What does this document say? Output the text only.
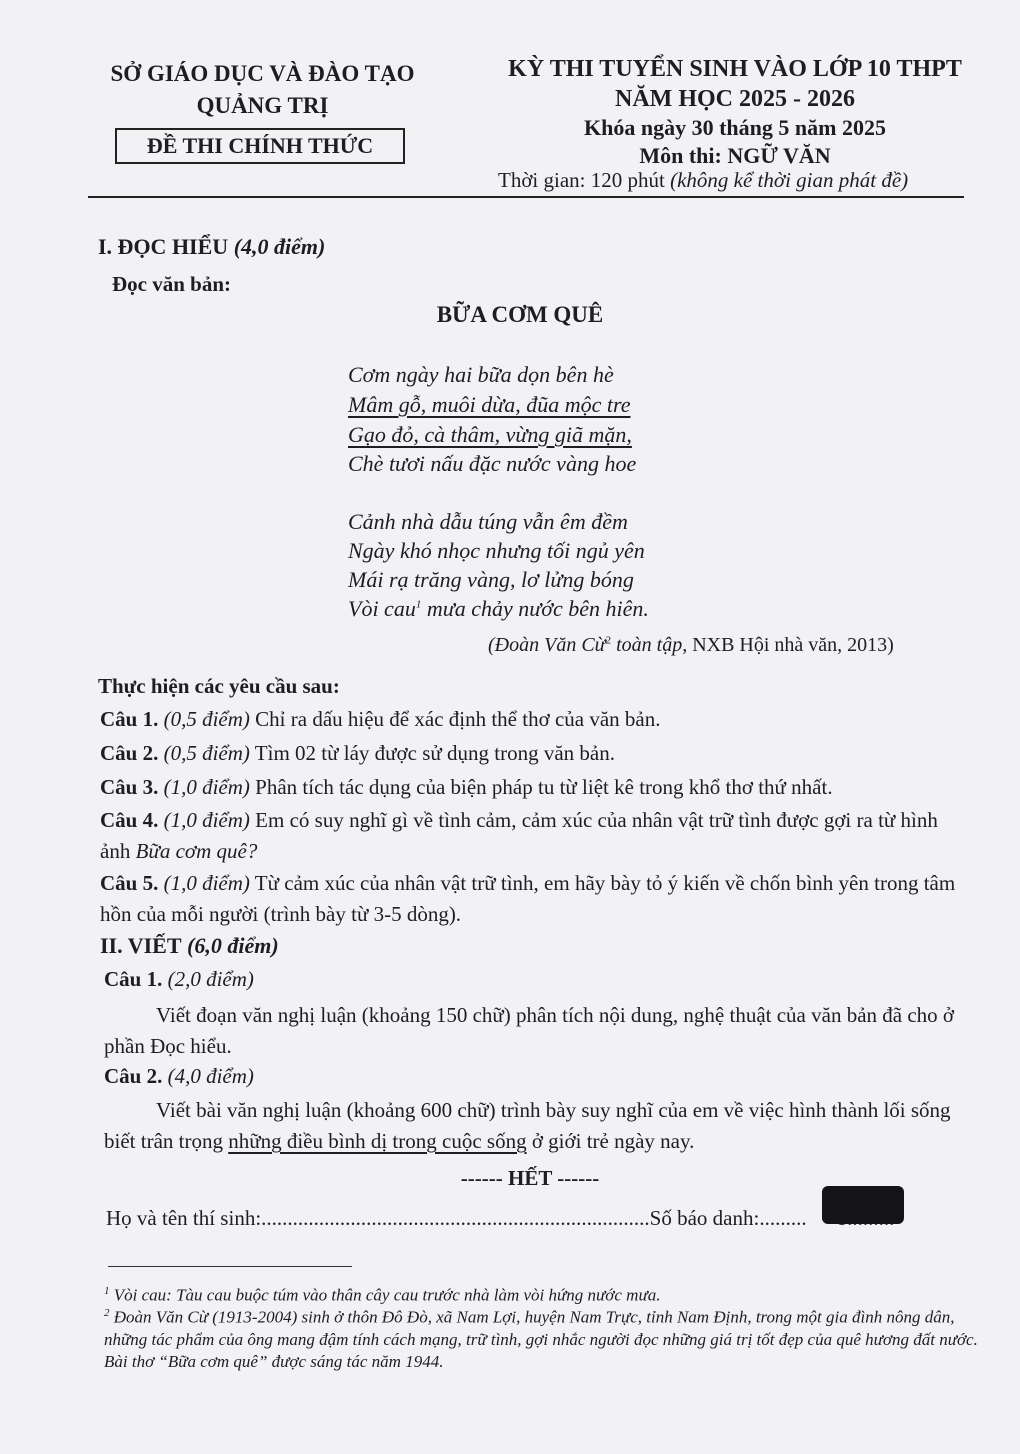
SỞ GIÁO DỤC VÀ ĐÀO TẠO
QUẢNG TRỊ
ĐỀ THI CHÍNH THỨC
KỲ THI TUYỂN SINH VÀO LỚP 10 THPT
NĂM HỌC 2025 - 2026
Khóa ngày 30 tháng 5 năm 2025
Môn thi: NGỮ VĂN
Thời gian: 120 phút (không kể thời gian phát đề)
I. ĐỌC HIỂU (4,0 điểm)
Đọc văn bản:
BỮA CƠM QUÊ
Cơm ngày hai bữa dọn bên hè
Mâm gỗ, muôi dừa, đũa mộc tre
Gạo đỏ, cà thâm, vừng giã mặn,
Chè tươi nấu đặc nước vàng hoe
Cảnh nhà dẫu túng vẫn êm đềm
Ngày khó nhọc nhưng tối ngủ yên
Mái rạ trăng vàng, lơ lửng bóng
Vòi cau$^1$ mưa chảy nước bên hiên.
(Đoàn Văn Cừ$^2$ toàn tập, NXB Hội nhà văn, 2013)
Thực hiện các yêu cầu sau:
Câu 1. (0,5 điểm) Chỉ ra dấu hiệu để xác định thể thơ của văn bản.
Câu 2. (0,5 điểm) Tìm 02 từ láy được sử dụng trong văn bản.
Câu 3. (1,0 điểm) Phân tích tác dụng của biện pháp tu từ liệt kê trong khổ thơ thứ nhất.
Câu 4. (1,0 điểm) Em có suy nghĩ gì về tình cảm, cảm xúc của nhân vật trữ tình được gợi ra từ hình ảnh Bữa cơm quê?
Câu 5. (1,0 điểm) Từ cảm xúc của nhân vật trữ tình, em hãy bày tỏ ý kiến về chốn bình yên trong tâm hồn của mỗi người (trình bày từ 3-5 dòng).
II. VIẾT (6,0 điểm)
Câu 1. (2,0 điểm)
Viết đoạn văn nghị luận (khoảng 150 chữ) phân tích nội dung, nghệ thuật của văn bản đã cho ở phần Đọc hiểu.
Câu 2. (4,0 điểm)
Viết bài văn nghị luận (khoảng 600 chữ) trình bày suy nghĩ của em về việc hình thành lối sống biết trân trọng những điều bình dị trong cuộc sống ở giới trẻ ngày nay.
------ HẾT ------
Họ và tên thí sinh:..........................................................................Số báo danh:.........
$^1$ Vòi cau: Tàu cau buộc túm vào thân cây cau trước nhà làm vòi hứng nước mưa.
$^2$ Đoàn Văn Cừ (1913-2004) sinh ở thôn Đô Đò, xã Nam Lợi, huyện Nam Trực, tỉnh Nam Định, trong một gia đình nông dân, những tác phẩm của ông mang đậm tính cách mạng, trữ tình, gợi nhắc người đọc những giá trị tốt đẹp của quê hương đất nước. Bài thơ “Bữa cơm quê” được sáng tác năm 1944.
